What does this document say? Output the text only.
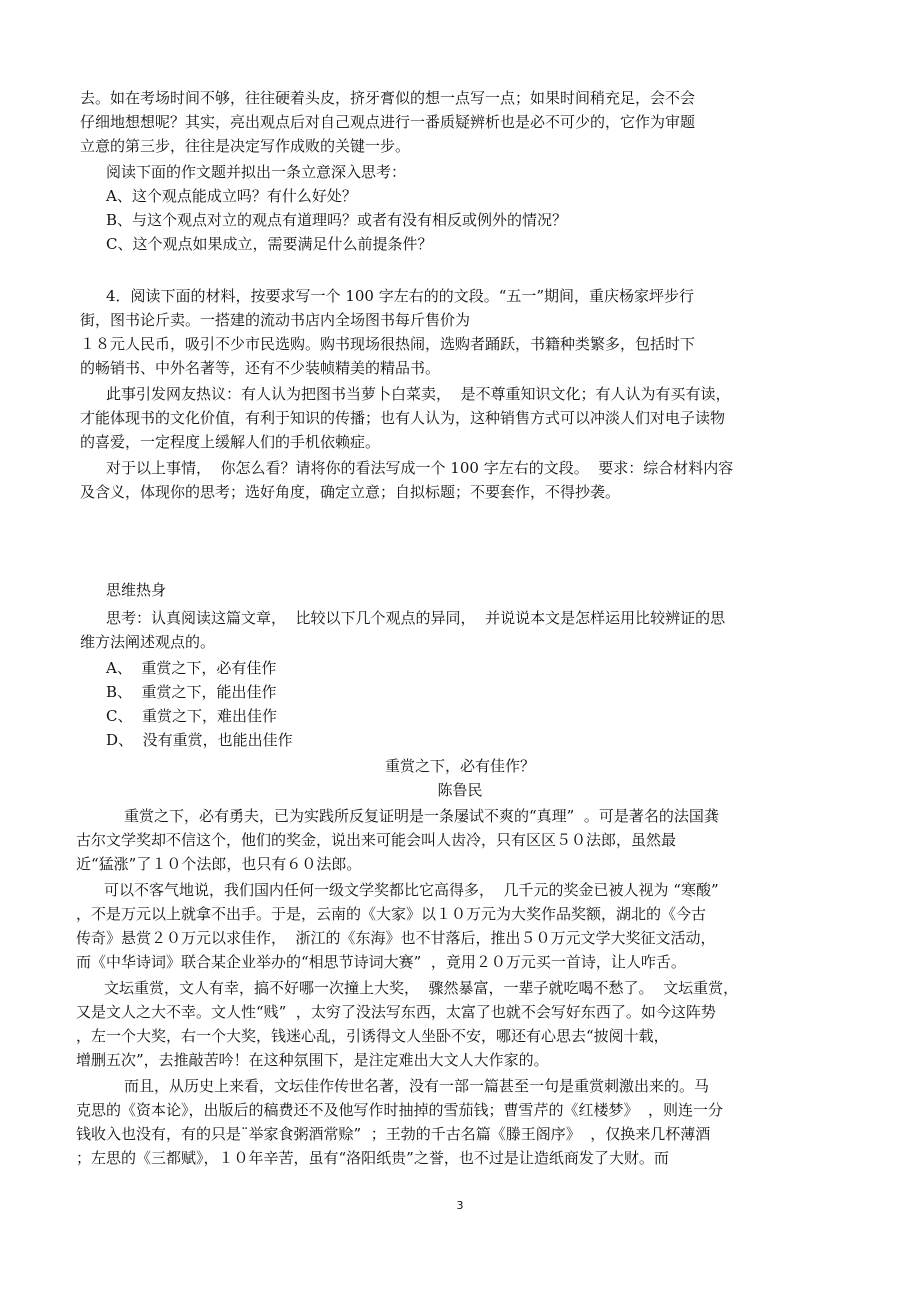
去。如在考场时间不够，往往硬着头皮，挤牙膏似的想一点写一点；如果时间稍充足，会不会

仔细地想想呢？其实，亮出观点后对自己观点进行一番质疑辨析也是必不可少的，它作为审题

立意的第三步，往往是决定写作成败的关键一步。

阅读下面的作文题并拟出一条立意深入思考：

A、这个观点能成立吗？有什么好处？

B、与这个观点对立的观点有道理吗？或者有没有相反或例外的情况？

C、这个观点如果成立，需要满足什么前提条件？

4．阅读下面的材料，按要求写一个 100 字左右的的文段。“五一”期间，重庆杨家坪步行

街，图书论斤卖。一搭建的流动书店内全场图书每斤售价为

１８元人民币，吸引不少市民选购。购书现场很热闹，选购者踊跃，书籍种类繁多，包括时下

的畅销书、中外名著等，还有不少装帧精美的精品书。

此事引发网友热议：有人认为把图书当萝卜白菜卖，  是不尊重知识文化；有人认为有买有读，

才能体现书的文化价值，有利于知识的传播；也有人认为，这种销售方式可以冲淡人们对电子读物

的喜爱，一定程度上缓解人们的手机依赖症。

对于以上事情，  你怎么看？请将你的看法写成一个 100 字左右的文段。  要求：综合材料内容

及含义，体现你的思考；选好角度，确定立意；自拟标题；不要套作，不得抄袭。

思维热身

思考：认真阅读这篇文章，  比较以下几个观点的异同，  并说说本文是怎样运用比较辨证的思

维方法阐述观点的。

A、  重赏之下，必有佳作

B、  重赏之下，能出佳作

C、  重赏之下，难出佳作

D、  没有重赏，也能出佳作

重赏之下，必有佳作？

陈鲁民

重赏之下，必有勇夫，已为实践所反复证明是一条屡试不爽的“真理”  。可是著名的法国龚

古尔文学奖却不信这个，他们的奖金，说出来可能会叫人齿冷，只有区区５０法郎，虽然最

近“猛涨”了１０个法郎，也只有６０法郎。

可以不客气地说，我们国内任何一级文学奖都比它高得多，  几千元的奖金已被人视为 “寒酸”

，不是万元以上就拿不出手。于是，云南的《大家》以１０万元为大奖作品奖额，湖北的《今古

传奇》悬赏２０万元以求佳作，  浙江的《东海》也不甘落后，推出５０万元文学大奖征文活动，

而《中华诗词》联合某企业举办的“相思节诗词大赛”  ，竟用２０万元买一首诗，让人咋舌。

文坛重赏，文人有幸，搞不好哪一次撞上大奖，  骤然暴富，一辈子就吃喝不愁了。  文坛重赏，

又是文人之大不幸。文人性“贱”  ，太穷了没法写东西，太富了也就不会写好东西了。如今这阵势

，左一个大奖，右一个大奖，钱迷心乱，引诱得文人坐卧不安，哪还有心思去“披阅十载，

增删五次”，去推敲苦吟！在这种氛围下，是注定难出大文人大作家的。

而且，从历史上来看，文坛佳作传世名著，没有一部一篇甚至一句是重赏刺激出来的。马

克思的《资本论》，出版后的稿费还不及他写作时抽掉的雪茄钱；曹雪芹的《红楼梦》  ，则连一分

钱收入也没有，有的只是¨举家食粥酒常赊”  ；王勃的千古名篇《滕王阁序》  ，仅换来几杯薄酒

；左思的《三都赋》，１０年辛苦，虽有“洛阳纸贵”之誉，也不过是让造纸商发了大财。而

3
